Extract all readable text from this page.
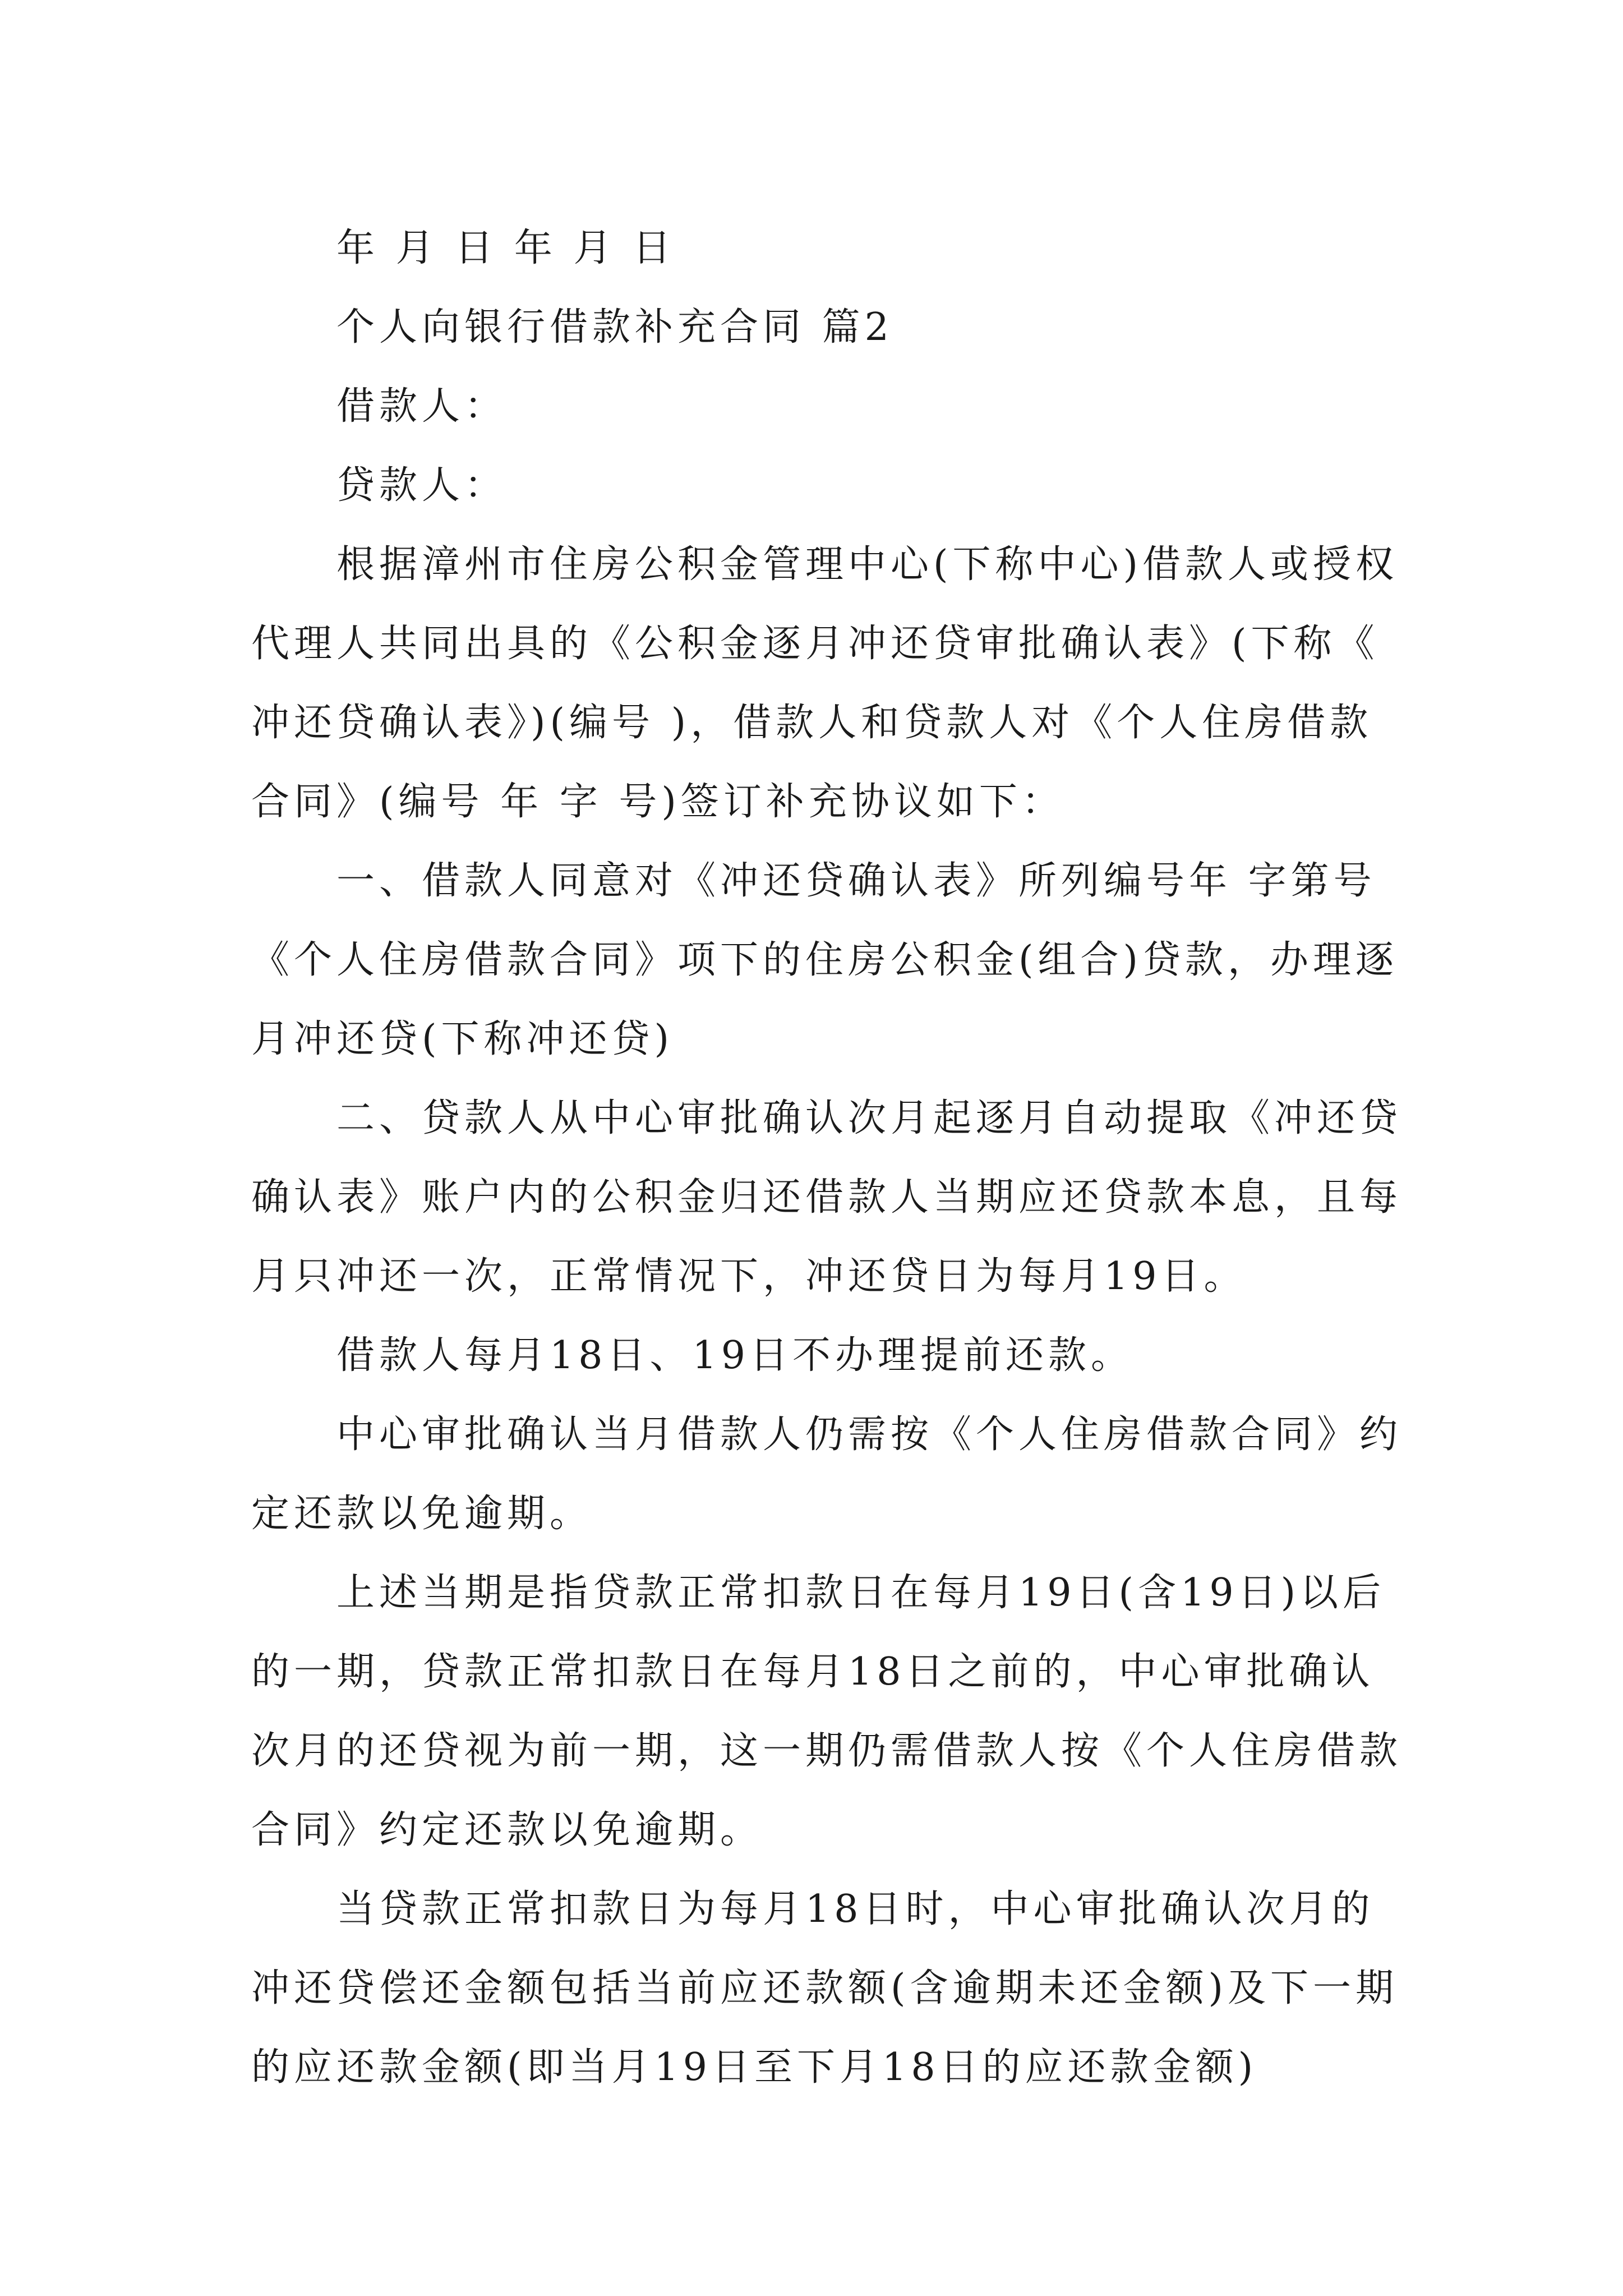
年 月 日 年 月 日

个人向银行借款补充合同 篇2

借款人：

贷款人：

根据漳州市住房公积金管理中心(下称中心)借款人或授权代理人共同出具的《公积金逐月冲还贷审批确认表》(下称《冲还贷确认表》)(编号 )，借款人和贷款人对《个人住房借款合同》(编号 年 字 号)签订补充协议如下：

一、借款人同意对《冲还贷确认表》所列编号年 字第号《个人住房借款合同》项下的住房公积金(组合)贷款，办理逐月冲还贷(下称冲还贷)

二、贷款人从中心审批确认次月起逐月自动提取《冲还贷确认表》账户内的公积金归还借款人当期应还贷款本息，且每月只冲还一次，正常情况下，冲还贷日为每月19日。

借款人每月18日、19日不办理提前还款。

中心审批确认当月借款人仍需按《个人住房借款合同》约定还款以免逾期。

上述当期是指贷款正常扣款日在每月19日(含19日)以后的一期，贷款正常扣款日在每月18日之前的，中心审批确认次月的还贷视为前一期，这一期仍需借款人按《个人住房借款合同》约定还款以免逾期。

当贷款正常扣款日为每月18日时，中心审批确认次月的冲还贷偿还金额包括当前应还款额(含逾期未还金额)及下一期的应还款金额(即当月19日至下月18日的应还款金额)
